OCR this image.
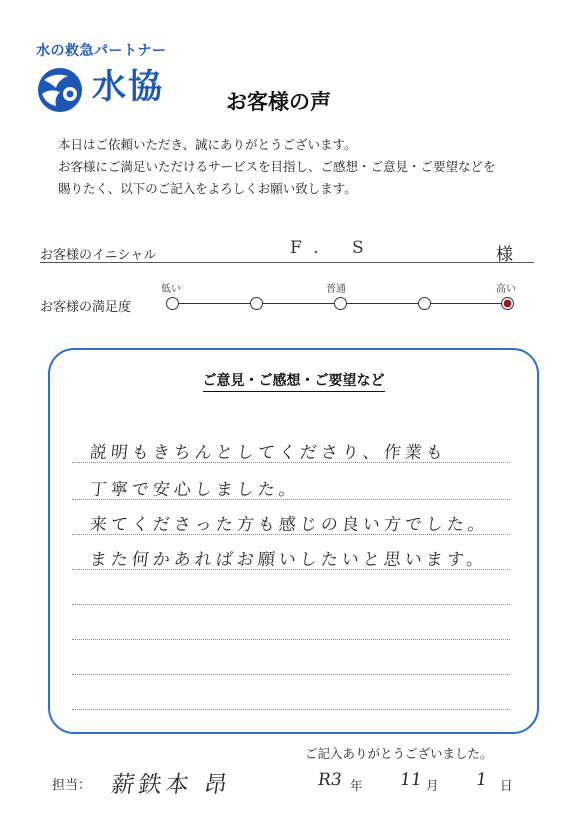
水の救急パートナー
水協	お客様の声

本日はご依頼いただき、誠にありがとうございます。

お客様にご満足いただけるサービスを目指し、ご感想・ご意見・ご要望などを

賜りたく、以下のご記入をよろしくお願い致します。

お客様のイニシャル	F. S	様
お客様の満足度
低い	普通	高い
ご意見・ご感想・ご要望など
説明もきちんとしてくださり、作業も
丁寧で安心しました。
来てくださった方も感じの良い方でした。
また何かあればお願いしたいと思います。
ご記入ありがとうございました。
担当： 薪鉄本 昂	R3 年 11 月 1 日
